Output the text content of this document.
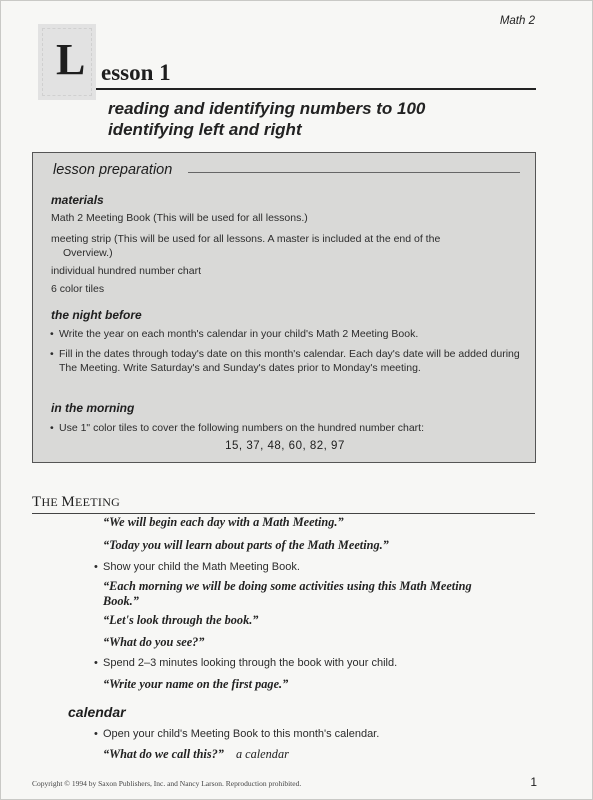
Math 2
L esson 1
reading and identifying numbers to 100
identifying left and right
lesson preparation
materials
Math 2 Meeting Book (This will be used for all lessons.)
meeting strip (This will be used for all lessons. A master is included at the end of the
Overview.)
individual hundred number chart
6 color tiles
the night before
• Write the year on each month's calendar in your child's Math 2 Meeting Book.
• Fill in the dates through today's date on this month's calendar. Each day's date will be added during The Meeting. Write Saturday's and Sunday's dates prior to Monday's meeting.
in the morning
• Use 1" color tiles to cover the following numbers on the hundred number chart:
15, 37, 48, 60, 82, 97
THE MEETING
“We will begin each day with a Math Meeting.”
“Today you will learn about parts of the Math Meeting.”
• Show your child the Math Meeting Book.
“Each morning we will be doing some activities using this Math Meeting
Book.”
“Let's look through the book.”
“What do you see?”
• Spend 2–3 minutes looking through the book with your child.
“Write your name on the first page.”
calendar
• Open your child's Meeting Book to this month's calendar.
“What do we call this?” a calendar
Copyright © 1994 by Saxon Publishers, Inc. and Nancy Larson. Reproduction prohibited.	1
